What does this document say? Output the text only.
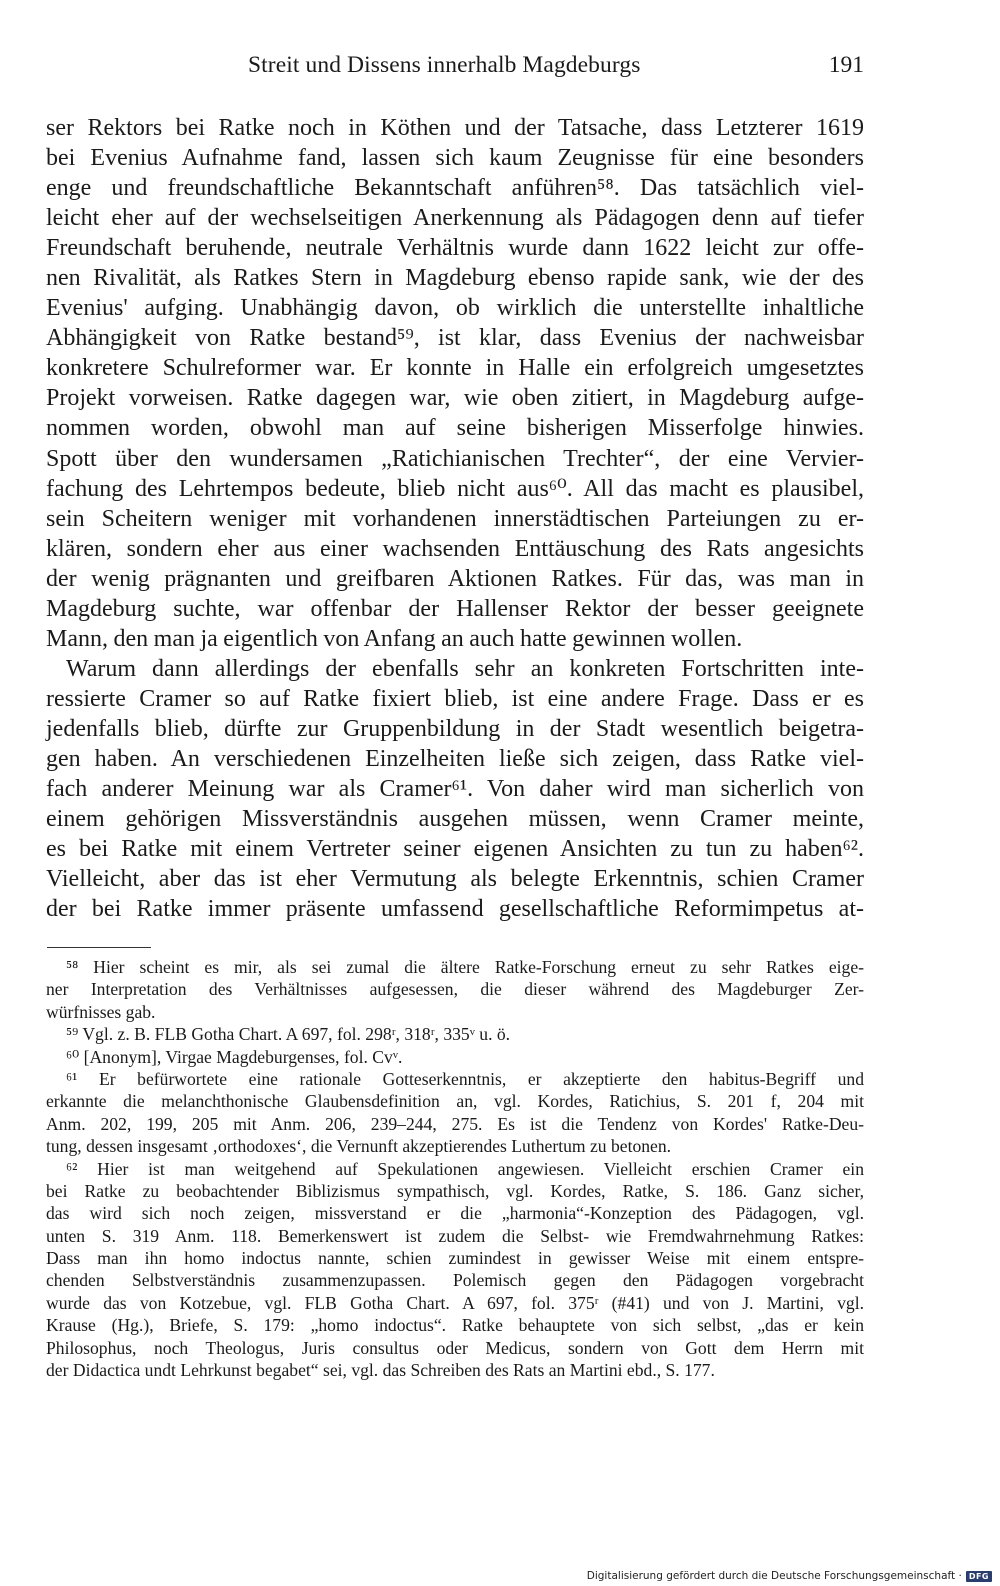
Streit und Dissens innerhalb Magdeburgs	191
ser Rektors bei Ratke noch in Köthen und der Tatsache, dass Letzterer 1619
bei Evenius Aufnahme fand, lassen sich kaum Zeugnisse für eine besonders
enge und freundschaftliche Bekanntschaft anführen⁵⁸. Das tatsächlich viel-
leicht eher auf der wechselseitigen Anerkennung als Pädagogen denn auf tiefer
Freundschaft beruhende, neutrale Verhältnis wurde dann 1622 leicht zur offe-
nen Rivalität, als Ratkes Stern in Magdeburg ebenso rapide sank, wie der des
Evenius' aufging. Unabhängig davon, ob wirklich die unterstellte inhaltliche
Abhängigkeit von Ratke bestand⁵⁹, ist klar, dass Evenius der nachweisbar
konkretere Schulreformer war. Er konnte in Halle ein erfolgreich umgesetztes
Projekt vorweisen. Ratke dagegen war, wie oben zitiert, in Magdeburg aufge-
nommen worden, obwohl man auf seine bisherigen Misserfolge hinwies.
Spott über den wundersamen „Ratichianischen Trechter“, der eine Vervier-
fachung des Lehrtempos bedeute, blieb nicht aus⁶⁰. All das macht es plausibel,
sein Scheitern weniger mit vorhandenen innerstädtischen Parteiungen zu er-
klären, sondern eher aus einer wachsenden Enttäuschung des Rats angesichts
der wenig prägnanten und greifbaren Aktionen Ratkes. Für das, was man in
Magdeburg suchte, war offenbar der Hallenser Rektor der besser geeignete
Mann, den man ja eigentlich von Anfang an auch hatte gewinnen wollen.
Warum dann allerdings der ebenfalls sehr an konkreten Fortschritten inte-
ressierte Cramer so auf Ratke fixiert blieb, ist eine andere Frage. Dass er es
jedenfalls blieb, dürfte zur Gruppenbildung in der Stadt wesentlich beigetra-
gen haben. An verschiedenen Einzelheiten ließe sich zeigen, dass Ratke viel-
fach anderer Meinung war als Cramer⁶¹. Von daher wird man sicherlich von
einem gehörigen Missverständnis ausgehen müssen, wenn Cramer meinte,
es bei Ratke mit einem Vertreter seiner eigenen Ansichten zu tun zu haben⁶².
Vielleicht, aber das ist eher Vermutung als belegte Erkenntnis, schien Cramer
der bei Ratke immer präsente umfassend gesellschaftliche Reformimpetus at-
⁵⁸ Hier scheint es mir, als sei zumal die ältere Ratke-Forschung erneut zu sehr Ratkes eige-
ner Interpretation des Verhältnisses aufgesessen, die dieser während des Magdeburger Zer-
würfnisses gab.
⁵⁹ Vgl. z. B. FLB Gotha Chart. A 697, fol. 298ʳ, 318ʳ, 335ᵛ u. ö.
⁶⁰ [Anonym], Virgae Magdeburgenses, fol. Cvᵛ.
⁶¹ Er befürwortete eine rationale Gotteserkenntnis, er akzeptierte den habitus-Begriff und
erkannte die melanchthonische Glaubensdefinition an, vgl. Kordes, Ratichius, S. 201 f, 204 mit
Anm. 202, 199, 205 mit Anm. 206, 239–244, 275. Es ist die Tendenz von Kordes' Ratke-Deu-
tung, dessen insgesamt ‚orthodoxes‘, die Vernunft akzeptierendes Luthertum zu betonen.
⁶² Hier ist man weitgehend auf Spekulationen angewiesen. Vielleicht erschien Cramer ein
bei Ratke zu beobachtender Biblizismus sympathisch, vgl. Kordes, Ratke, S. 186. Ganz sicher,
das wird sich noch zeigen, missverstand er die „harmonia“-Konzeption des Pädagogen, vgl.
unten S. 319 Anm. 118. Bemerkenswert ist zudem die Selbst- wie Fremdwahrnehmung Ratkes:
Dass man ihn homo indoctus nannte, schien zumindest in gewisser Weise mit einem entspre-
chenden Selbstverständnis zusammenzupassen. Polemisch gegen den Pädagogen vorgebracht
wurde das von Kotzebue, vgl. FLB Gotha Chart. A 697, fol. 375ʳ (#41) und von J. Martini, vgl.
Krause (Hg.), Briefe, S. 179: „homo indoctus“. Ratke behauptete von sich selbst, „das er kein
Philosophus, noch Theologus, Juris consultus oder Medicus, sondern von Gott dem Herrn mit
der Didactica undt Lehrkunst begabet“ sei, vgl. das Schreiben des Rats an Martini ebd., S. 177.
Digitalisierung gefördert durch die Deutsche Forschungsgemeinschaft · DFG
